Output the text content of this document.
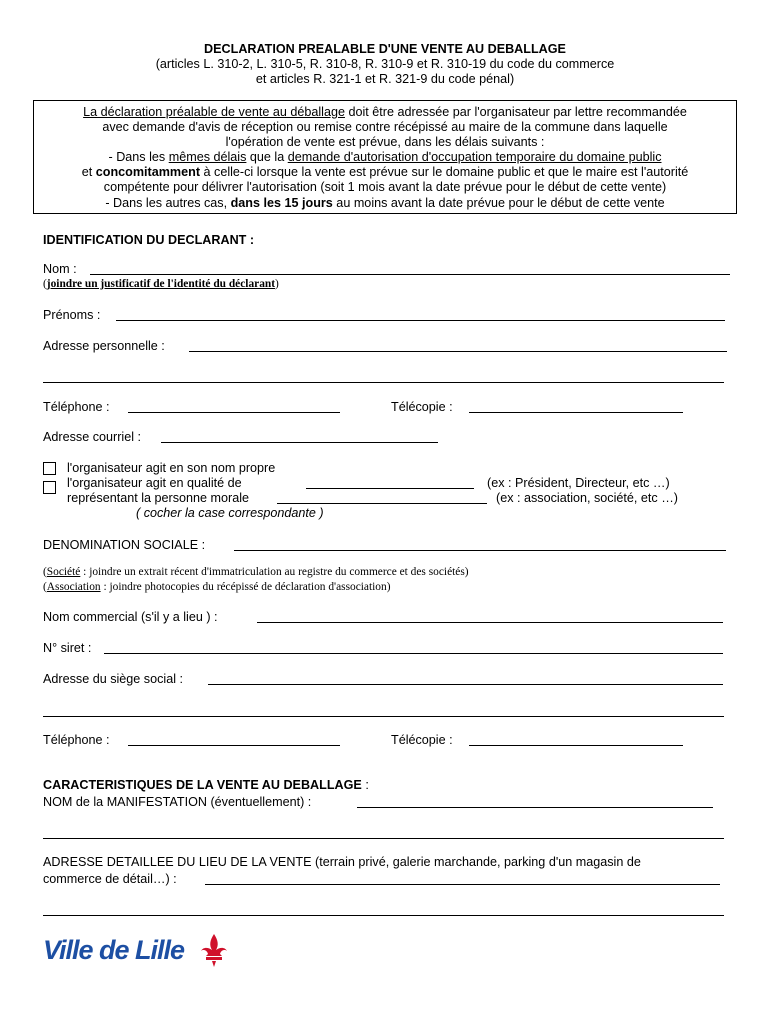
DECLARATION PREALABLE D'UNE VENTE AU DEBALLAGE
(articles L. 310-2, L. 310-5, R. 310-8, R. 310-9 et R. 310-19 du code du commerce
et articles R. 321-1 et R. 321-9 du code pénal)
La déclaration préalable de vente au déballage doit être adressée par l'organisateur par lettre recommandée
avec demande d'avis de réception ou remise contre récépissé au maire de la commune dans laquelle
l'opération de vente est prévue, dans les délais suivants :
- Dans les mêmes délais que la demande d'autorisation d'occupation temporaire du domaine public
et concomitamment à celle-ci lorsque la vente est prévue sur le domaine public et que le maire est l'autorité
compétente pour délivrer l'autorisation (soit 1 mois avant la date prévue pour le début de cette vente)
- Dans les autres cas, dans les 15 jours au moins avant la date prévue pour le début de cette vente
IDENTIFICATION DU DECLARANT :
Nom :
(joindre un justificatif de l'identité du déclarant)
Prénoms :
Adresse personnelle :
Téléphone :	Télécopie :
Adresse courriel :
l'organisateur agit en son nom propre
l'organisateur agit en qualité de	(ex : Président, Directeur, etc …)
représentant la personne morale	(ex : association, société, etc …)
( cocher la case correspondante )
DENOMINATION SOCIALE :
(Société : joindre un extrait récent d'immatriculation au registre du commerce et des sociétés)
(Association : joindre photocopies du récépissé de déclaration d'association)
Nom commercial (s'il y a lieu ) :
N° siret :
Adresse du siège social :
Téléphone :	Télécopie :
CARACTERISTIQUES DE LA VENTE AU DEBALLAGE :
NOM de la MANIFESTATION (éventuellement) :
ADRESSE DETAILLEE DU LIEU DE LA VENTE (terrain privé, galerie marchande, parking d'un magasin de
commerce de détail…) :
Ville de Lille
